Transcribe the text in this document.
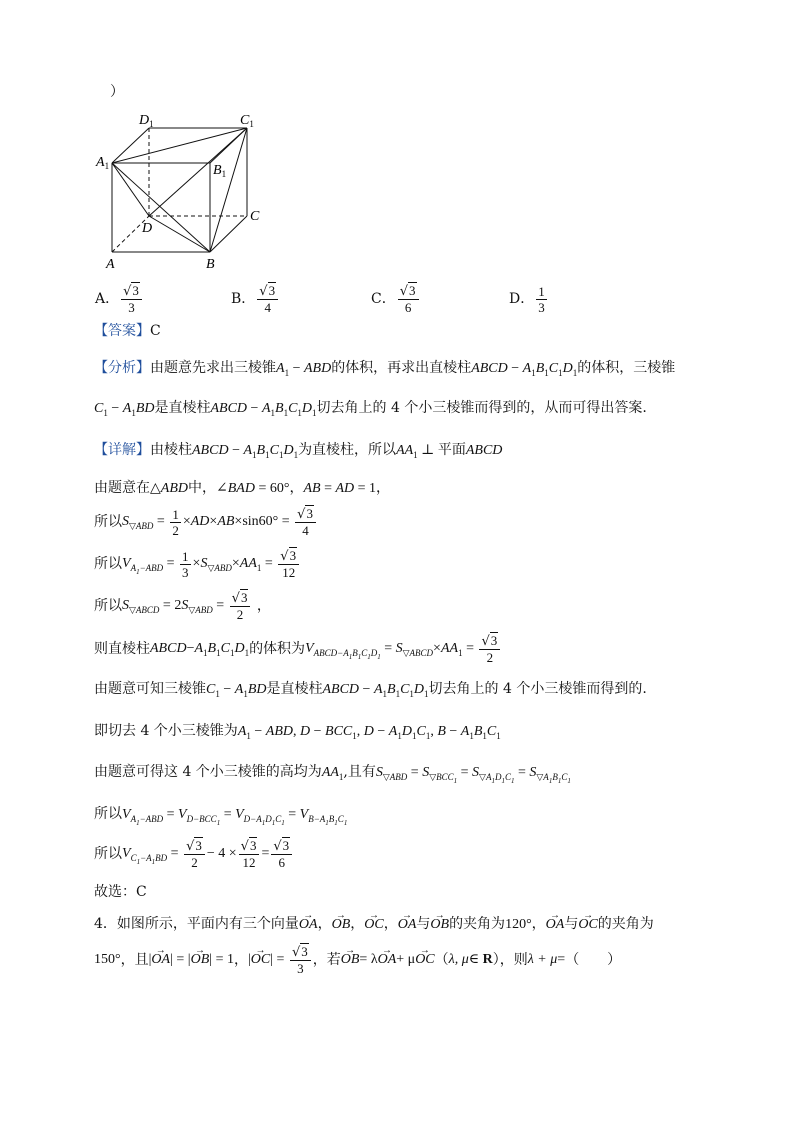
）
$D_1$	$C_1$
$A_1$	$B_1$
D
C
A	B
A． $\frac{√3}{3}$	B． $\frac{√3}{4}$	C． $\frac{√3}{6}$	D． $\frac{1}{3}$
【答案】C
【分析】由题意先求出三棱锥$A_1$ − ABD的体积，再求出直棱柱ABCD − $A_1B_1C_1D_1$的体积，三棱锥
$C_1 - A_1BD$是直棱柱ABCD − $A_1B_1C_1D_1$切去角上的 4 个小三棱锥而得到的，从而可得出答案.
【详解】由棱柱ABCD − $A_1B_1C_1D_1$为直棱柱，所以$AA_1$ ⊥ 平面ABCD
由题意在△ABD中，∠BAD = 60°，AB = AD = 1，
所以 $S_{▽ABD} = \frac{1}{2}$ × AD × AB $\times\sin 60^\circ = \frac{√3}{4}$
所以 $V_{A_1-ABD} = \frac{1}{3} \times S_{▽ABD} \times AA_1 = \frac{√3}{12}$
所以 $S_{▽ABCD} = 2$ $S_{▽ABD} = \frac{√3}{2}$ ，
则直棱柱 ABCD − $A_1B_1C_1D_1$ 的体积为 $V_{ABCD-A_1B_1C_1D_1}$
= $S_{▽ABCD} \times AA_1 = \frac{√3}{2}$
由题意可知三棱锥$C_1 - A_1BD$是直棱柱ABCD − $A_1B_1C_1D_1$切去角上的 4 个小三棱锥而得到的.
即切去 4 个小三棱锥为$A_1$ − ABD, $D - BCC_1$, $D - A_1D_1C_1$, $B - A_1B_1C_1$
由题意可得这 4 个小三棱锥的高均为$AA_1$,且有$S_{▽ABD} = S_{▽BCC_1} = S_{▽A_1D_1C_1} = S_{▽A_1B_1C_1}$
所以$V_{A_1-ABD} = V_{D-BCC_1} = V_{D-A_1D_1C_1} = V_{B-A_1B_1C_1}$
所以 $V_{C_1-A_1BD} = \frac{√3}{2} - 4 \times \frac{√3}{12} = \frac{√3}{6}$
故选：C
4．如图所示，平面内有三个向量→ OA，→ OB，→ OC，→ OA与→ OB的夹角为120°，→ OA与→ OC的夹角为
150° ，且 | → OA | = | → OB | = 1 ， | → OC | = $\frac{√3}{3}$ ，若 → OB = λ → OA + μ → OC （ λ, μ ∈ R ），则 λ + μ = （　　）
